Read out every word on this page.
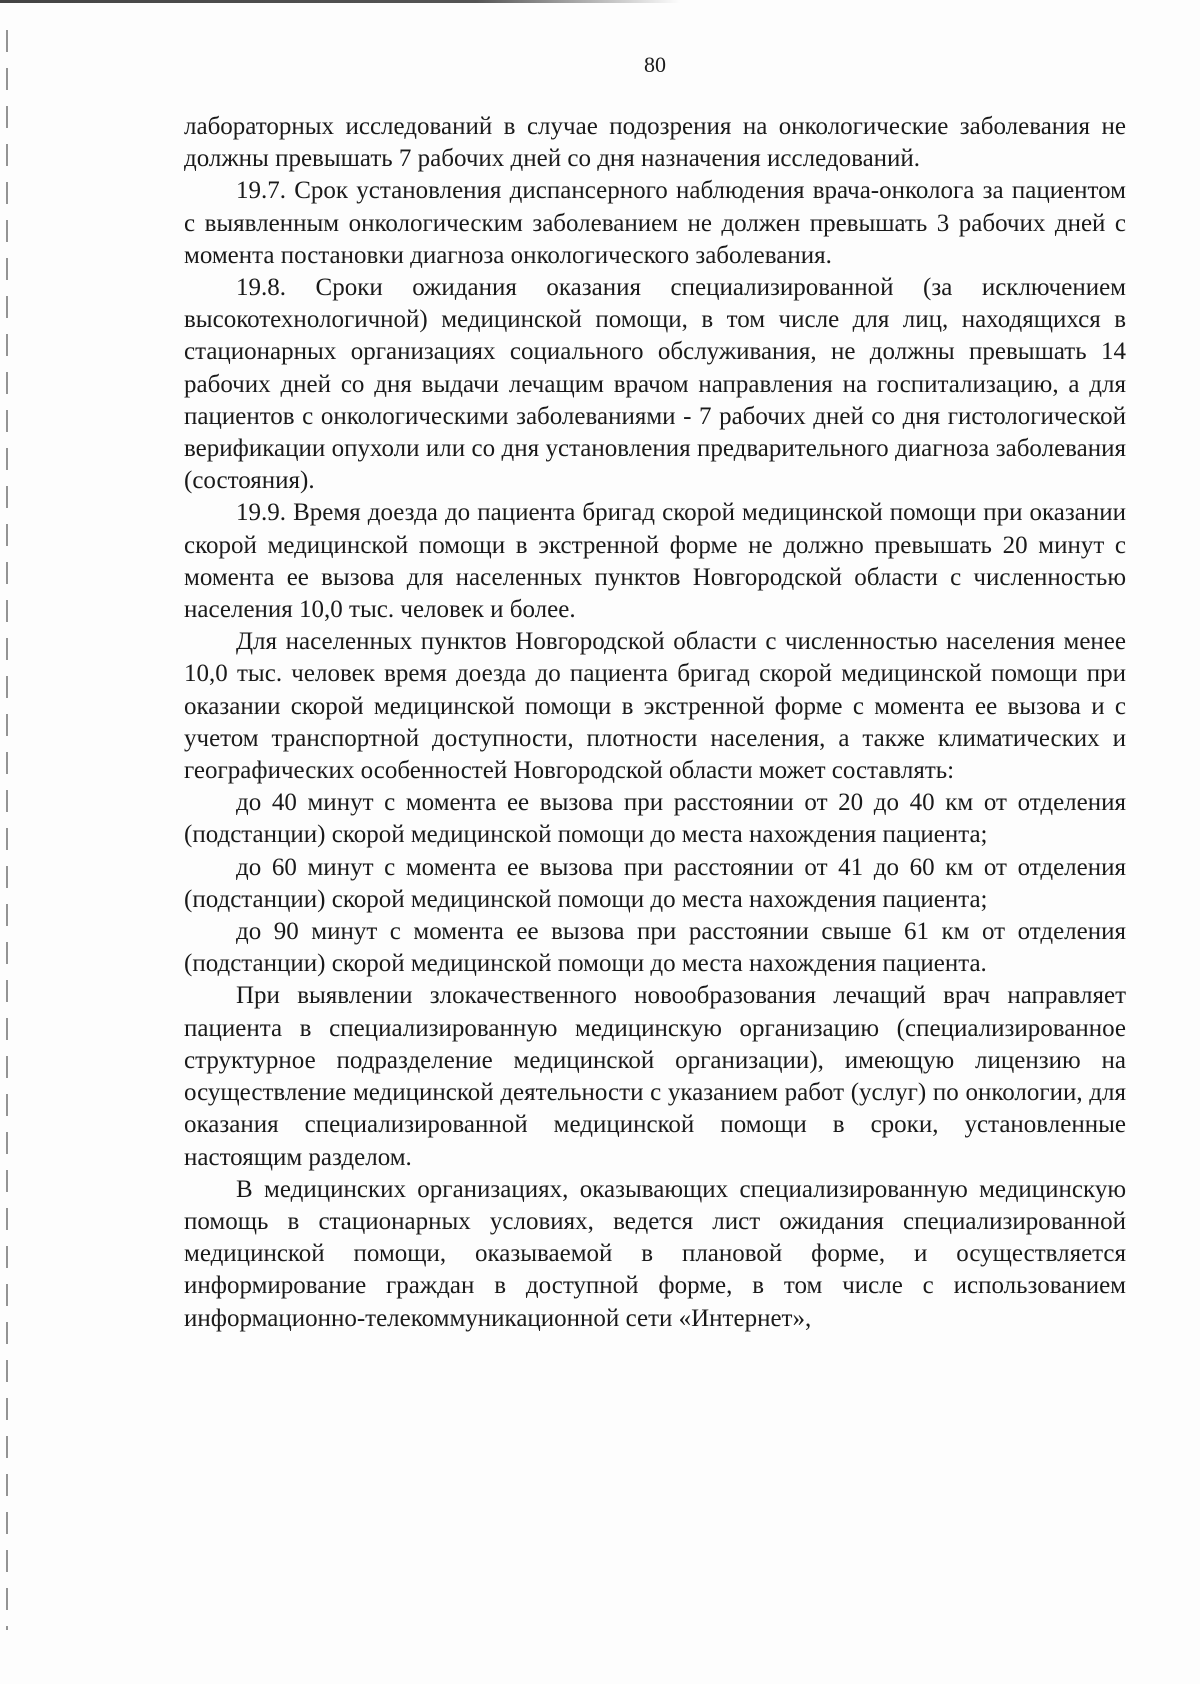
80

лабораторных исследований в случае подозрения на онкологические заболевания не должны превышать 7 рабочих дней со дня назначения исследований.

19.7. Срок установления диспансерного наблюдения врача-онколога за пациентом с выявленным онкологическим заболеванием не должен превышать 3 рабочих дней с момента постановки диагноза онкологического заболевания.

19.8. Сроки ожидания оказания специализированной (за исключением высокотехнологичной) медицинской помощи, в том числе для лиц, находящихся в стационарных организациях социального обслуживания, не должны превышать 14 рабочих дней со дня выдачи лечащим врачом направления на госпитализацию, а для пациентов с онкологическими заболеваниями - 7 рабочих дней со дня гистологической верификации опухоли или со дня установления предварительного диагноза заболевания (состояния).

19.9. Время доезда до пациента бригад скорой медицинской помощи при оказании скорой медицинской помощи в экстренной форме не должно превышать 20 минут с момента ее вызова для населенных пунктов Новгородской области с численностью населения 10,0 тыс. человек и более.

Для населенных пунктов Новгородской области с численностью населения менее 10,0 тыс. человек время доезда до пациента бригад скорой медицинской помощи при оказании скорой медицинской помощи в экстренной форме с момента ее вызова и с учетом транспортной доступности, плотности населения, а также климатических и географических особенностей Новгородской области может составлять:

до 40 минут с момента ее вызова при расстоянии от 20 до 40 км от отделения (подстанции) скорой медицинской помощи до места нахождения пациента;

до 60 минут с момента ее вызова при расстоянии от 41 до 60 км от отделения (подстанции) скорой медицинской помощи до места нахождения пациента;

до 90 минут с момента ее вызова при расстоянии свыше 61 км от отделения (подстанции) скорой медицинской помощи до места нахождения пациента.

При выявлении злокачественного новообразования лечащий врач направляет пациента в специализированную медицинскую организацию (специализированное структурное подразделение медицинской организации), имеющую лицензию на осуществление медицинской деятельности с указанием работ (услуг) по онкологии, для оказания специализированной медицинской помощи в сроки, установленные настоящим разделом.

В медицинских организациях, оказывающих специализированную медицинскую помощь в стационарных условиях, ведется лист ожидания специализированной медицинской помощи, оказываемой в плановой форме, и осуществляется информирование граждан в доступной форме, в том числе с использованием информационно-телекоммуникационной сети «Интернет»,
